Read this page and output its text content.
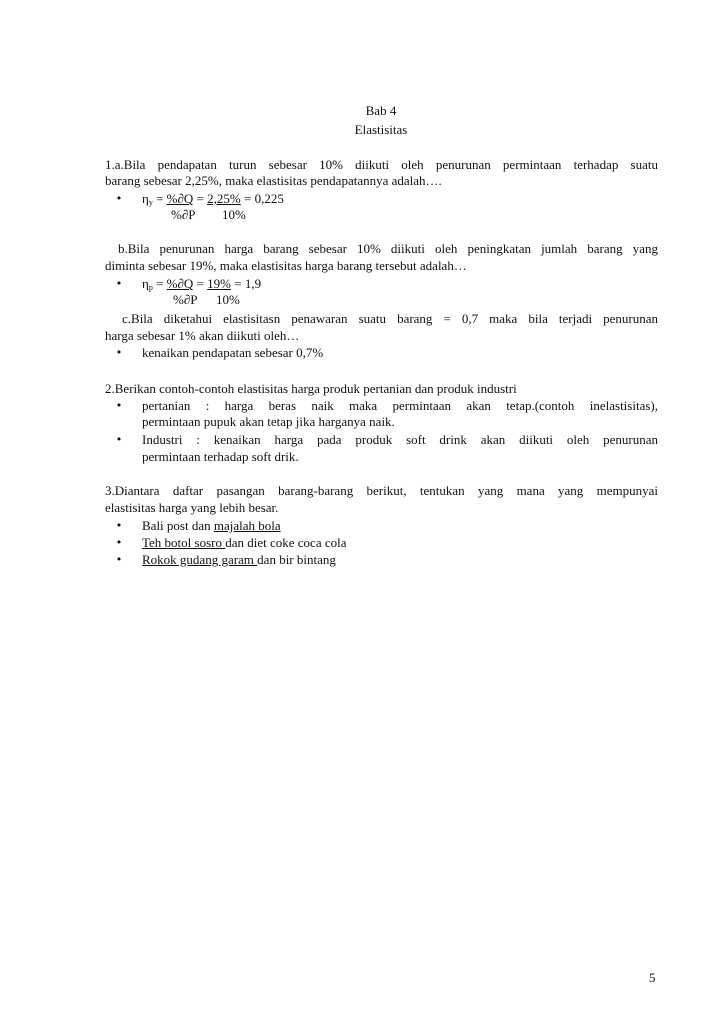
Bab 4
Elastisitas
1.a.Bila pendapatan turun sebesar 10% diikuti oleh penurunan permintaan terhadap suatu
barang sebesar 2,25%, maka elastisitas pendapatannya adalah….
• $\eta_y = \%\partial Q = 2,25\% = 0,225$
%∂P 10%
b.Bila penurunan harga barang sebesar 10% diikuti oleh peningkatan jumlah barang yang
diminta sebesar 19%, maka elastisitas harga barang tersebut adalah…
• $\eta_p = \%\partial Q = 19\% = 1,9$
%∂P 10%
c.Bila diketahui elastisitasn penawaran suatu barang = 0,7 maka bila terjadi penurunan
harga sebesar 1% akan diikuti oleh…
• kenaikan pendapatan sebesar 0,7%
2.Berikan contoh-contoh elastisitas harga produk pertanian dan produk industri
• pertanian : harga beras naik maka permintaan akan tetap.(contoh inelastisitas),
permintaan pupuk akan tetap jika harganya naik.
• Industri : kenaikan harga pada produk soft drink akan diikuti oleh penurunan
permintaan terhadap soft drik.
3.Diantara daftar pasangan barang-barang berikut, tentukan yang mana yang mempunyai
elastisitas harga yang lebih besar.
• Bali post dan majalah bola
• Teh botol sosro dan diet coke coca cola
• Rokok gudang garam dan bir bintang
5
